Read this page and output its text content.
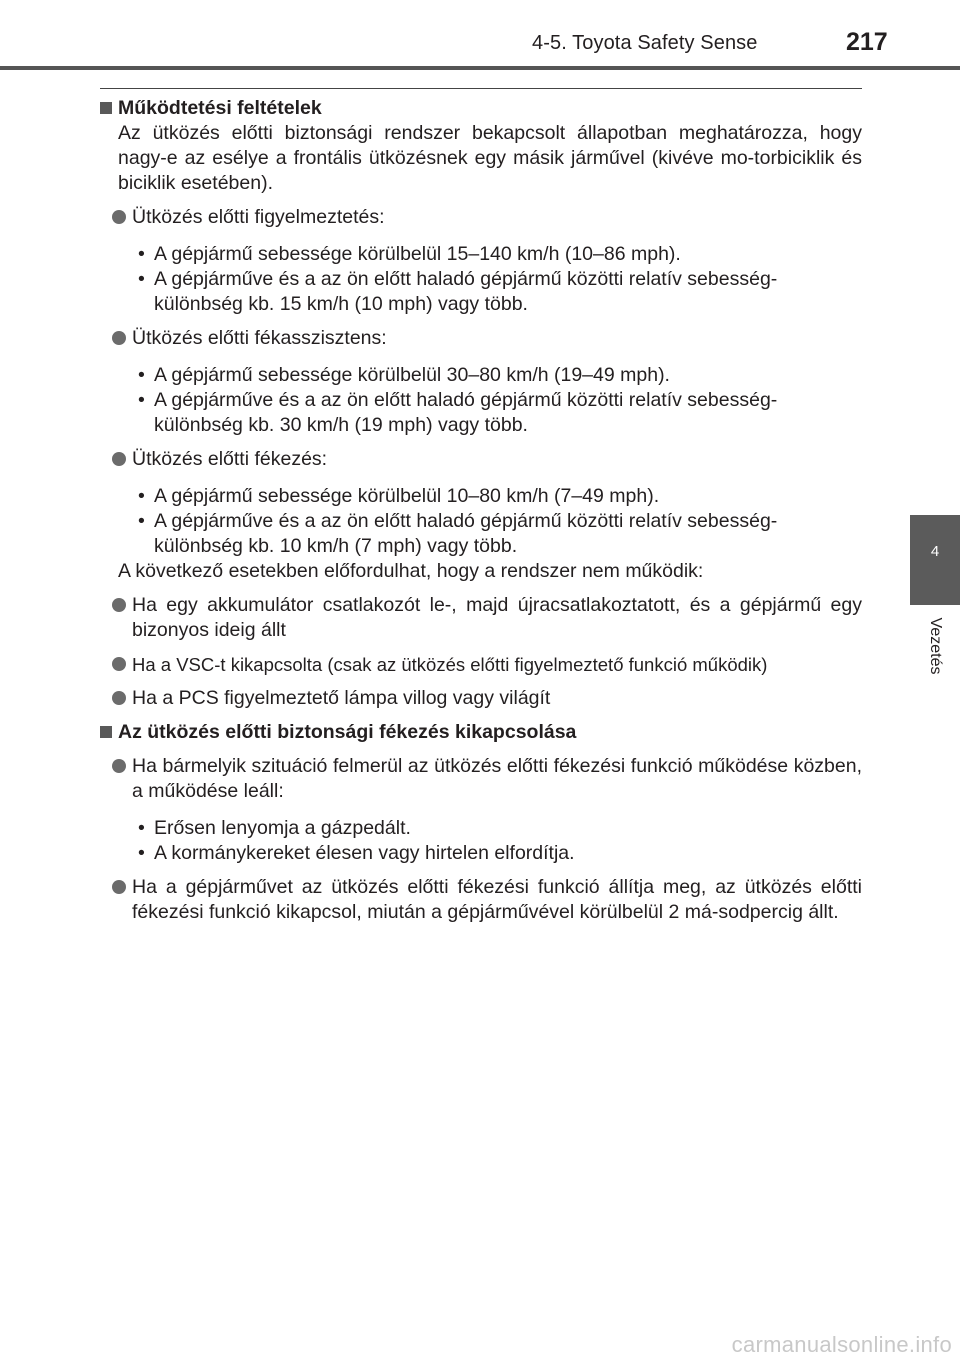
4-5. Toyota Safety Sense	217
4
Vezetés
Működtetési feltételek
Az ütközés előtti biztonsági rendszer bekapcsolt állapotban meghatározza, hogy nagy-e az esélye a frontális ütközésnek egy másik járművel (kivéve mo-torbiciklik és biciklik esetében).
Ütközés előtti figyelmeztetés:
• A gépjármű sebessége körülbelül 15–140 km/h (10–86 mph).
• A gépjárműve és a az ön előtt haladó gépjármű közötti relatív sebesség-különbség kb. 15 km/h (10 mph) vagy több.
Ütközés előtti fékasszisztens:
• A gépjármű sebessége körülbelül 30–80 km/h (19–49 mph).
• A gépjárműve és a az ön előtt haladó gépjármű közötti relatív sebesség-különbség kb. 30 km/h (19 mph) vagy több.
Ütközés előtti fékezés:
• A gépjármű sebessége körülbelül 10–80 km/h (7–49 mph).
• A gépjárműve és a az ön előtt haladó gépjármű közötti relatív sebesség-különbség kb. 10 km/h (7 mph) vagy több.
A következő esetekben előfordulhat, hogy a rendszer nem működik:
Ha egy akkumulátor csatlakozót le-, majd újracsatlakoztatott, és a gépjármű egy bizonyos ideig állt
Ha a VSC-t kikapcsolta (csak az ütközés előtti figyelmeztető funkció működik)
Ha a PCS figyelmeztető lámpa villog vagy világít
Az ütközés előtti biztonsági fékezés kikapcsolása
Ha bármelyik szituáció felmerül az ütközés előtti fékezési funkció működése közben, a működése leáll:
• Erősen lenyomja a gázpedált.
• A kormánykereket élesen vagy hirtelen elfordítja.
Ha a gépjárművet az ütközés előtti fékezési funkció állítja meg, az ütközés előtti fékezési funkció kikapcsol, miután a gépjárművével körülbelül 2 má-sodpercig állt.
carmanualsonline.info
